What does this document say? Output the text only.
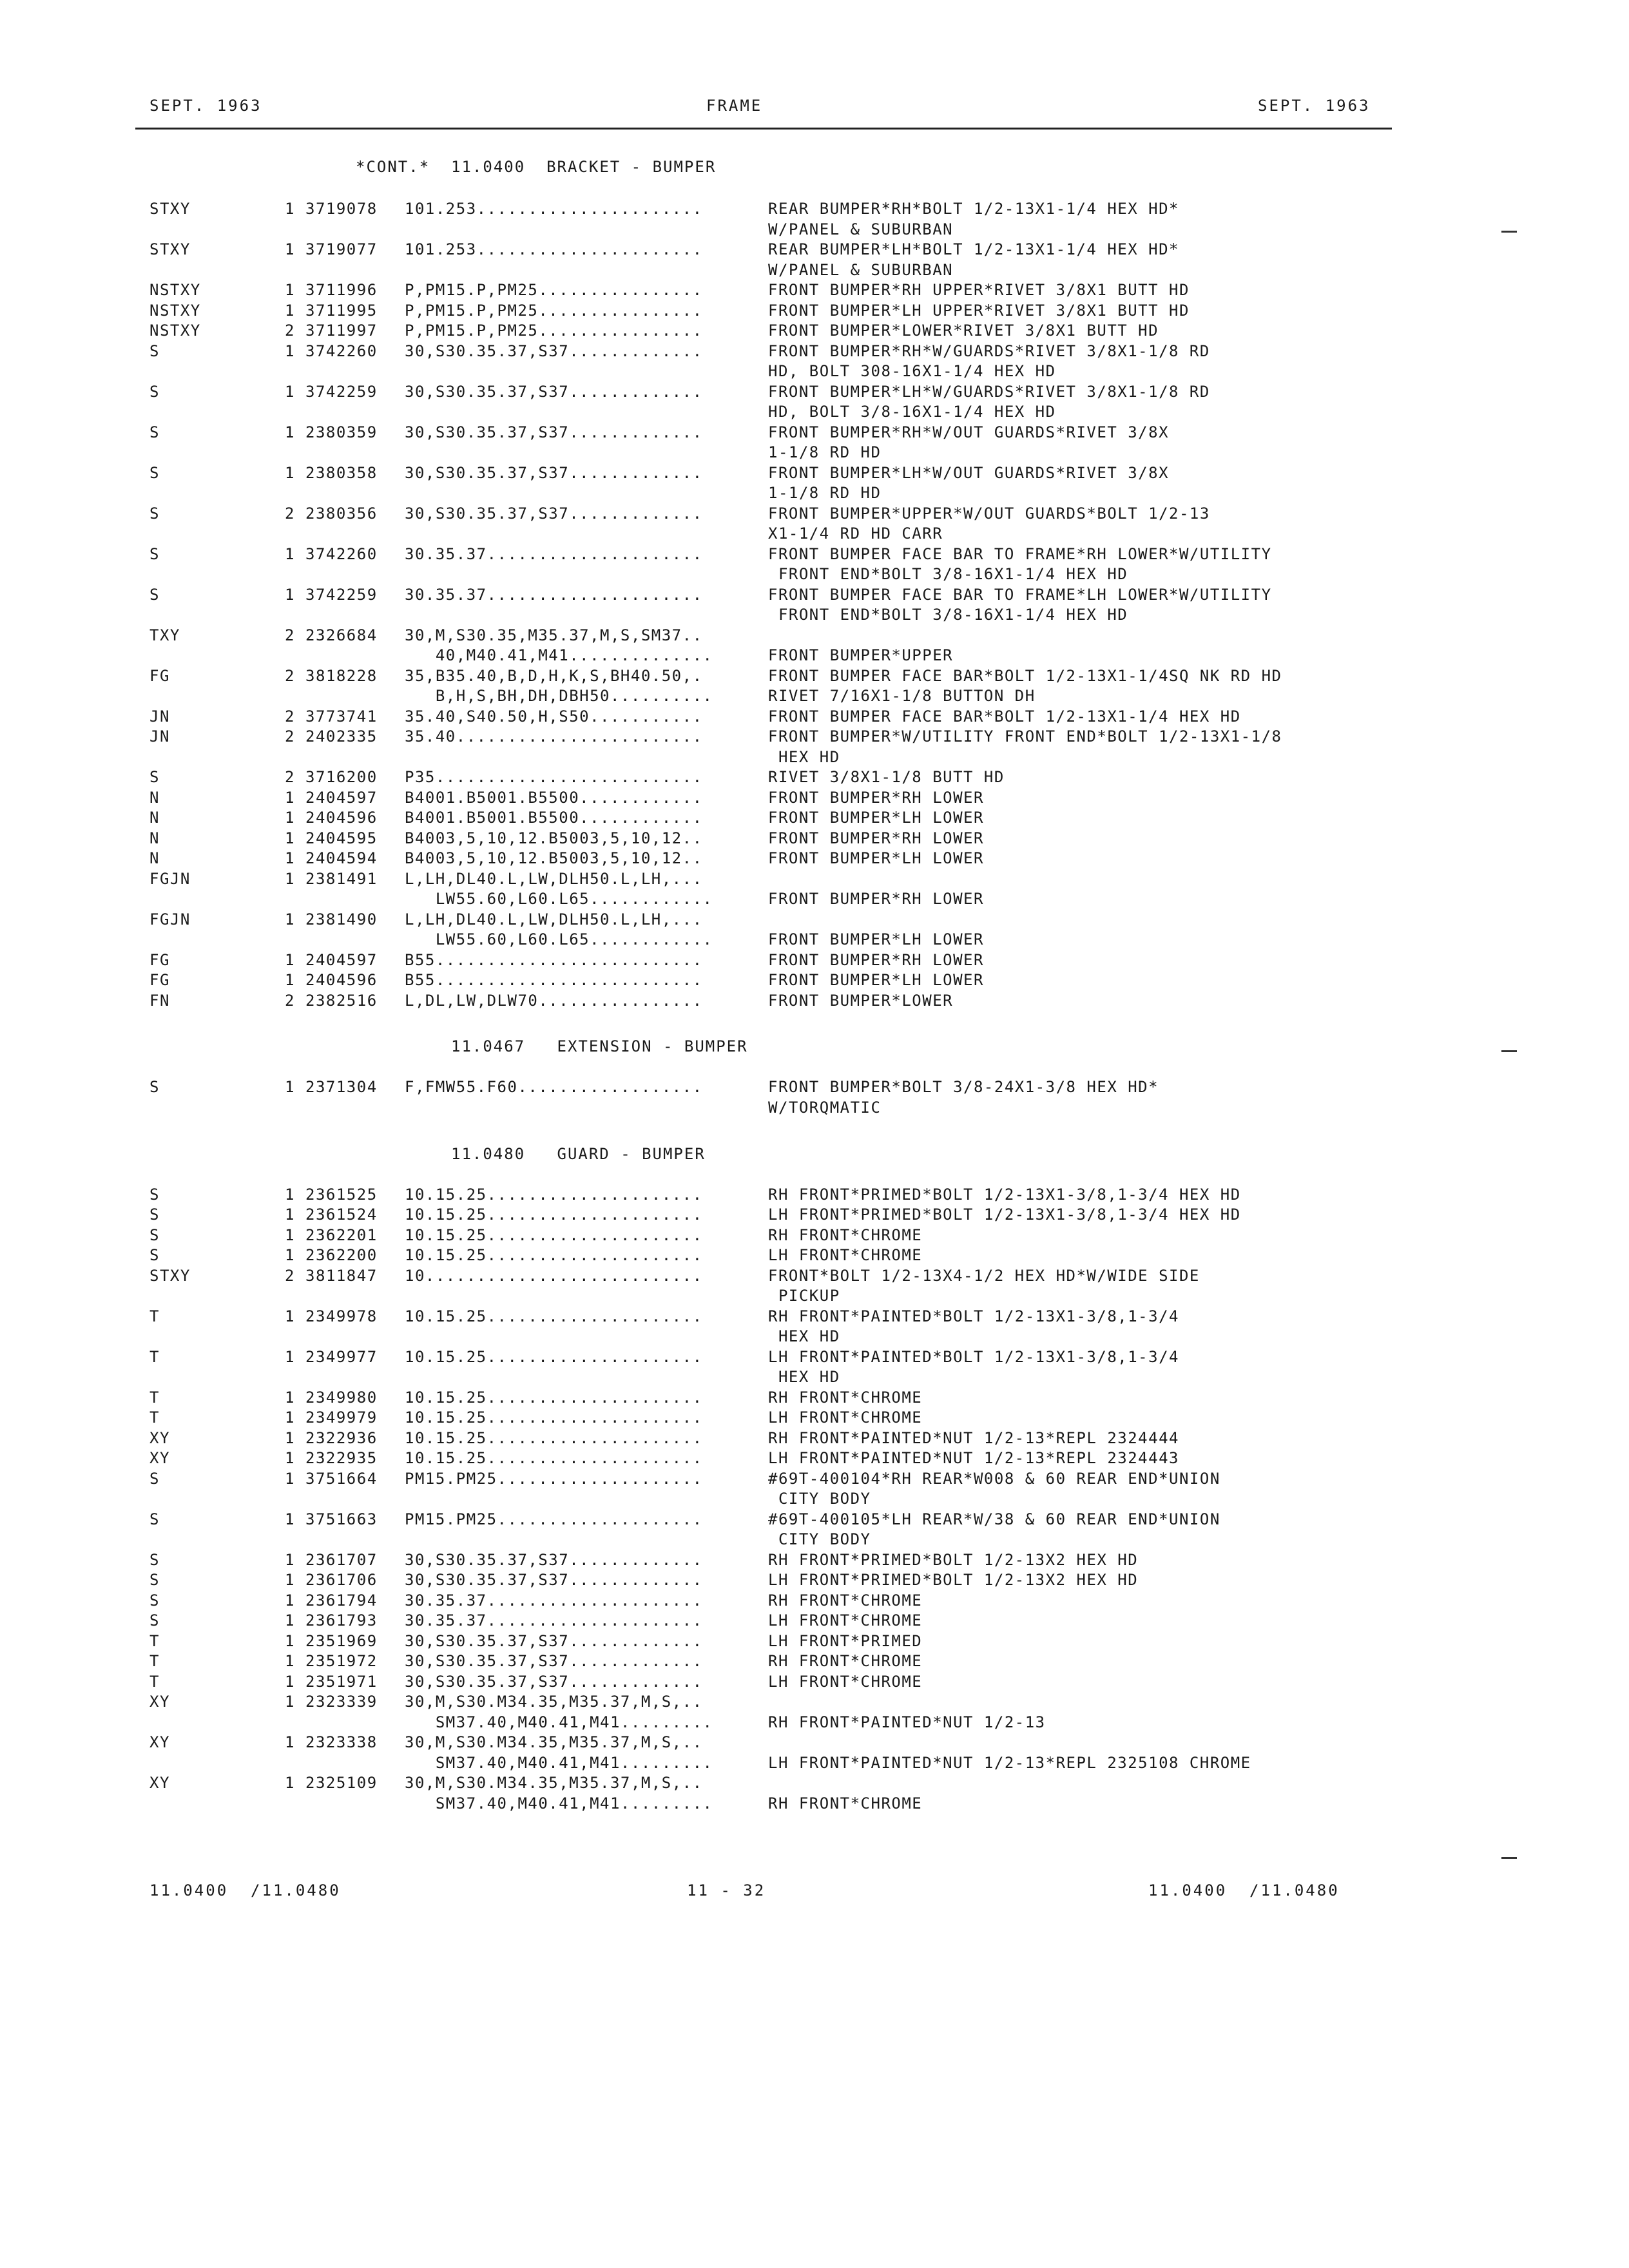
SEPT. 1963	FRAME	SEPT. 1963
*CONT.*  11.0400  BRACKET - BUMPER
STXY	1 3719078 101.253......................	REAR BUMPER*RH*BOLT 1/2-13X1-1/4 HEX HD*
W/PANEL & SUBURBAN
STXY	1 3719077 101.253......................	REAR BUMPER*LH*BOLT 1/2-13X1-1/4 HEX HD*
W/PANEL & SUBURBAN
NSTXY	1 3711996 P,PM15.P,PM25................	FRONT BUMPER*RH UPPER*RIVET 3/8X1 BUTT HD
NSTXY	1 3711995 P,PM15.P,PM25................	FRONT BUMPER*LH UPPER*RIVET 3/8X1 BUTT HD
NSTXY	2 3711997 P,PM15.P,PM25................	FRONT BUMPER*LOWER*RIVET 3/8X1 BUTT HD
S	1 3742260 30,S30.35.37,S37.............	FRONT BUMPER*RH*W/GUARDS*RIVET 3/8X1-1/8 RD
HD, BOLT 308-16X1-1/4 HEX HD
S	1 3742259 30,S30.35.37,S37.............	FRONT BUMPER*LH*W/GUARDS*RIVET 3/8X1-1/8 RD
HD, BOLT 3/8-16X1-1/4 HEX HD
S	1 2380359 30,S30.35.37,S37.............	FRONT BUMPER*RH*W/OUT GUARDS*RIVET 3/8X
1-1/8 RD HD
S	1 2380358 30,S30.35.37,S37.............	FRONT BUMPER*LH*W/OUT GUARDS*RIVET 3/8X
1-1/8 RD HD
S	2 2380356 30,S30.35.37,S37.............	FRONT BUMPER*UPPER*W/OUT GUARDS*BOLT 1/2-13
X1-1/4 RD HD CARR
S	1 3742260 30.35.37.....................	FRONT BUMPER FACE BAR TO FRAME*RH LOWER*W/UTILITY
FRONT END*BOLT 3/8-16X1-1/4 HEX HD
S	1 3742259 30.35.37.....................	FRONT BUMPER FACE BAR TO FRAME*LH LOWER*W/UTILITY
FRONT END*BOLT 3/8-16X1-1/4 HEX HD
TXY	2 2326684 30,M,S30.35,M35.37,M,S,SM37..
40,M40.41,M41..............	FRONT BUMPER*UPPER
FG	2 3818228 35,B35.40,B,D,H,K,S,BH40.50,.	FRONT BUMPER FACE BAR*BOLT 1/2-13X1-1/4SQ NK RD HD
B,H,S,BH,DH,DBH50..........	RIVET 7/16X1-1/8 BUTTON DH
JN	2 3773741 35.40,S40.50,H,S50...........	FRONT BUMPER FACE BAR*BOLT 1/2-13X1-1/4 HEX HD
JN	2 2402335 35.40........................	FRONT BUMPER*W/UTILITY FRONT END*BOLT 1/2-13X1-1/8
HEX HD
S	2 3716200 P35..........................	RIVET 3/8X1-1/8 BUTT HD
N	1 2404597 B4001.B5001.B5500............	FRONT BUMPER*RH LOWER
N	1 2404596 B4001.B5001.B5500............	FRONT BUMPER*LH LOWER
N	1 2404595 B4003,5,10,12.B5003,5,10,12..	FRONT BUMPER*RH LOWER
N	1 2404594 B4003,5,10,12.B5003,5,10,12..	FRONT BUMPER*LH LOWER
FGJN	1 2381491 L,LH,DL40.L,LW,DLH50.L,LH,...
LW55.60,L60.L65............	FRONT BUMPER*RH LOWER
FGJN	1 2381490 L,LH,DL40.L,LW,DLH50.L,LH,...
LW55.60,L60.L65............	FRONT BUMPER*LH LOWER
FG	1 2404597 B55..........................	FRONT BUMPER*RH LOWER
FG	1 2404596 B55..........................	FRONT BUMPER*LH LOWER
FN	2 2382516 L,DL,LW,DLW70................	FRONT BUMPER*LOWER
11.0467   EXTENSION - BUMPER
S	1 2371304 F,FMW55.F60..................	FRONT BUMPER*BOLT 3/8-24X1-3/8 HEX HD*
W/TORQMATIC
11.0480   GUARD - BUMPER
S	1 2361525 10.15.25.....................	RH FRONT*PRIMED*BOLT 1/2-13X1-3/8,1-3/4 HEX HD
S	1 2361524 10.15.25.....................	LH FRONT*PRIMED*BOLT 1/2-13X1-3/8,1-3/4 HEX HD
S	1 2362201 10.15.25.....................	RH FRONT*CHROME
S	1 2362200 10.15.25.....................	LH FRONT*CHROME
STXY	2 3811847 10...........................	FRONT*BOLT 1/2-13X4-1/2 HEX HD*W/WIDE SIDE
PICKUP
T	1 2349978 10.15.25.....................	RH FRONT*PAINTED*BOLT 1/2-13X1-3/8,1-3/4
HEX HD
T	1 2349977 10.15.25.....................	LH FRONT*PAINTED*BOLT 1/2-13X1-3/8,1-3/4
HEX HD
T	1 2349980 10.15.25.....................	RH FRONT*CHROME
T	1 2349979 10.15.25.....................	LH FRONT*CHROME
XY	1 2322936 10.15.25.....................	RH FRONT*PAINTED*NUT 1/2-13*REPL 2324444
XY	1 2322935 10.15.25.....................	LH FRONT*PAINTED*NUT 1/2-13*REPL 2324443
S	1 3751664 PM15.PM25....................	#69T-400104*RH REAR*W008 & 60 REAR END*UNION
CITY BODY
S	1 3751663 PM15.PM25....................	#69T-400105*LH REAR*W/38 & 60 REAR END*UNION
CITY BODY
S	1 2361707 30,S30.35.37,S37.............	RH FRONT*PRIMED*BOLT 1/2-13X2 HEX HD
S	1 2361706 30,S30.35.37,S37.............	LH FRONT*PRIMED*BOLT 1/2-13X2 HEX HD
S	1 2361794 30.35.37.....................	RH FRONT*CHROME
S	1 2361793 30.35.37.....................	LH FRONT*CHROME
T	1 2351969 30,S30.35.37,S37.............	LH FRONT*PRIMED
T	1 2351972 30,S30.35.37,S37.............	RH FRONT*CHROME
T	1 2351971 30,S30.35.37,S37.............	LH FRONT*CHROME
XY	1 2323339 30,M,S30.M34.35,M35.37,M,S,..
SM37.40,M40.41,M41.........	RH FRONT*PAINTED*NUT 1/2-13
XY	1 2323338 30,M,S30.M34.35,M35.37,M,S,..
SM37.40,M40.41,M41.........	LH FRONT*PAINTED*NUT 1/2-13*REPL 2325108 CHROME
XY	1 2325109 30,M,S30.M34.35,M35.37,M,S,..
SM37.40,M40.41,M41.........	RH FRONT*CHROME
11.0400  /11.0480	11 - 32	11.0400  /11.0480
